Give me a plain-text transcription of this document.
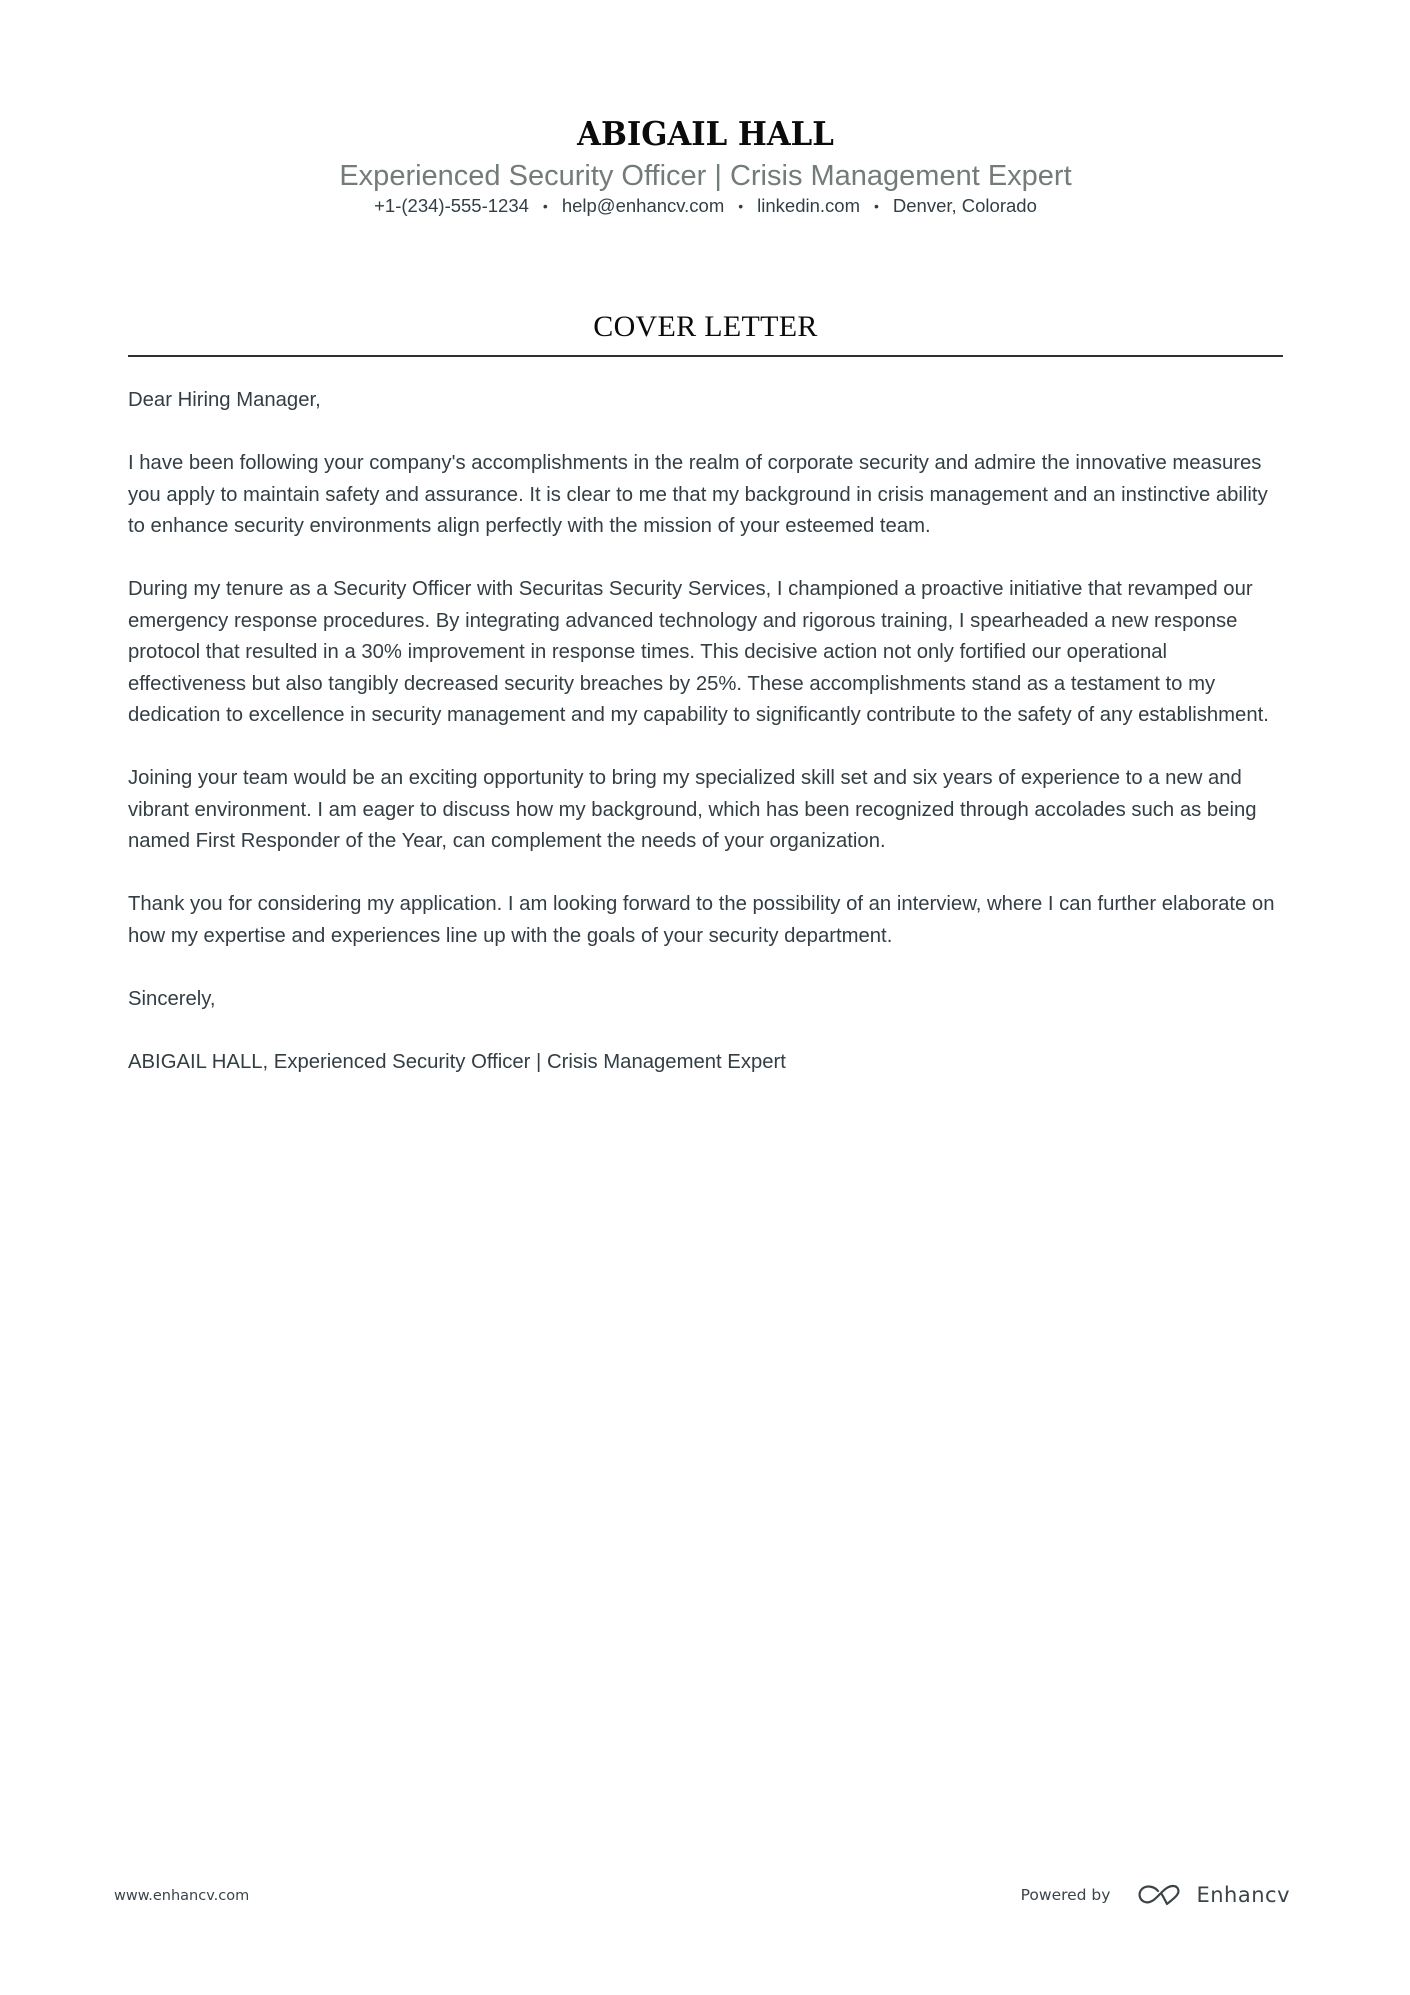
ABIGAIL HALL
Experienced Security Officer | Crisis Management Expert
+1-(234)-555-1234 • help@enhancv.com • linkedin.com • Denver, Colorado
COVER LETTER

Dear Hiring Manager,

I have been following your company's accomplishments in the realm of corporate security and admire the innovative measures you apply to maintain safety and assurance. It is clear to me that my background in crisis management and an instinctive ability to enhance security environments align perfectly with the mission of your esteemed team.

During my tenure as a Security Officer with Securitas Security Services, I championed a proactive initiative that revamped our emergency response procedures. By integrating advanced technology and rigorous training, I spearheaded a new response protocol that resulted in a 30% improvement in response times. This decisive action not only fortified our operational effectiveness but also tangibly decreased security breaches by 25%. These accomplishments stand as a testament to my dedication to excellence in security management and my capability to significantly contribute to the safety of any establishment.

Joining your team would be an exciting opportunity to bring my specialized skill set and six years of experience to a new and vibrant environment. I am eager to discuss how my background, which has been recognized through accolades such as being named First Responder of the Year, can complement the needs of your organization.

Thank you for considering my application. I am looking forward to the possibility of an interview, where I can further elaborate on how my expertise and experiences line up with the goals of your security department.

Sincerely,

ABIGAIL HALL, Experienced Security Officer | Crisis Management Expert

www.enhancv.com	Powered by	Enhancv
